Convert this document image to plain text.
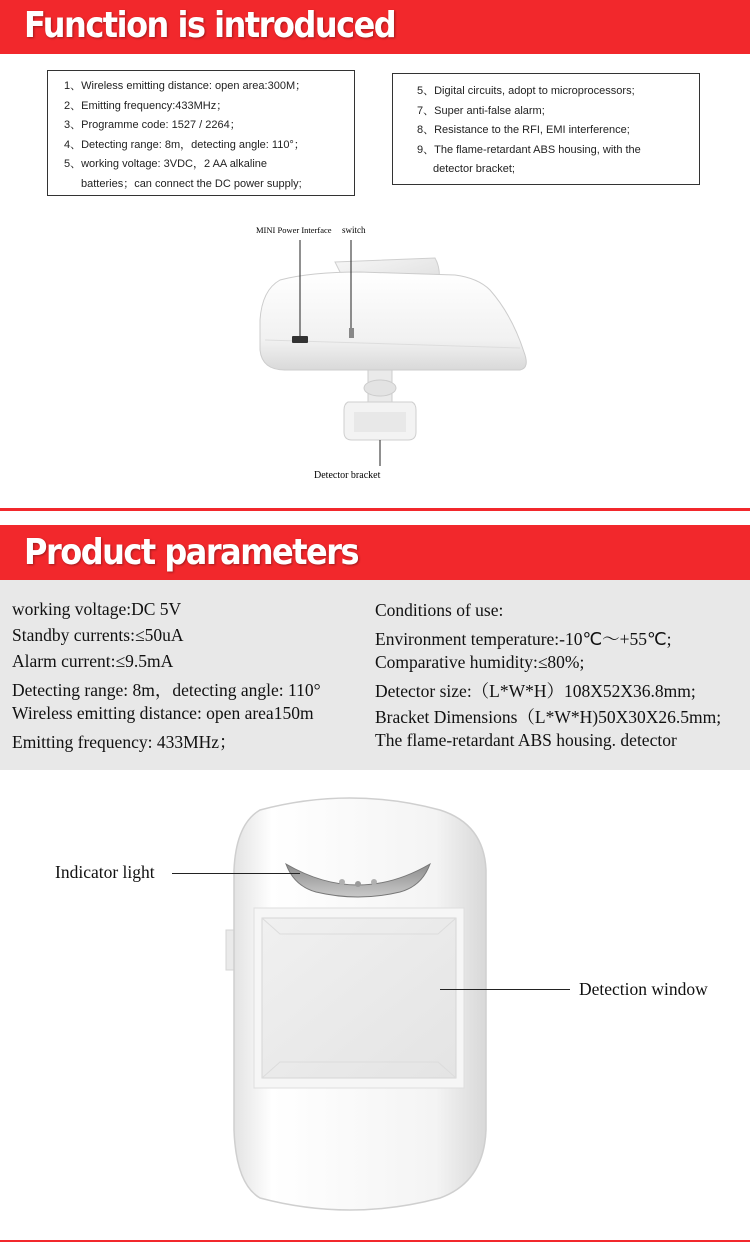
Function is introduced
1、Wireless emitting distance: open area:300M；
2、Emitting frequency:433MHz；
3、Programme code: 1527 / 2264；
4、Detecting range: 8m，detecting angle: 110°；
5、working voltage: 3VDC，2 AA alkaline
batteries；can connect the DC power supply;
5、Digital circuits, adopt to microprocessors;
7、Super anti-false alarm;
8、Resistance to the RFI, EMI interference;
9、The flame-retardant ABS housing, with the
detector bracket;
MINI Power Interface switch
Detector bracket
Product parameters
working voltage:DC 5V
Standby currents:≤50uA
Alarm current:≤9.5mA
Detecting range: 8m，detecting angle: 110°
Wireless emitting distance: open area150m
Emitting frequency: 433MHz；
Conditions of use:
Environment temperature:-10℃～+55℃;
Comparative humidity:≤80%;
Detector size:（L*W*H）108X52X36.8mm;
Bracket Dimensions（L*W*H)50X30X26.5mm;
The flame-retardant ABS housing. detector
Indicator light
Detection window
